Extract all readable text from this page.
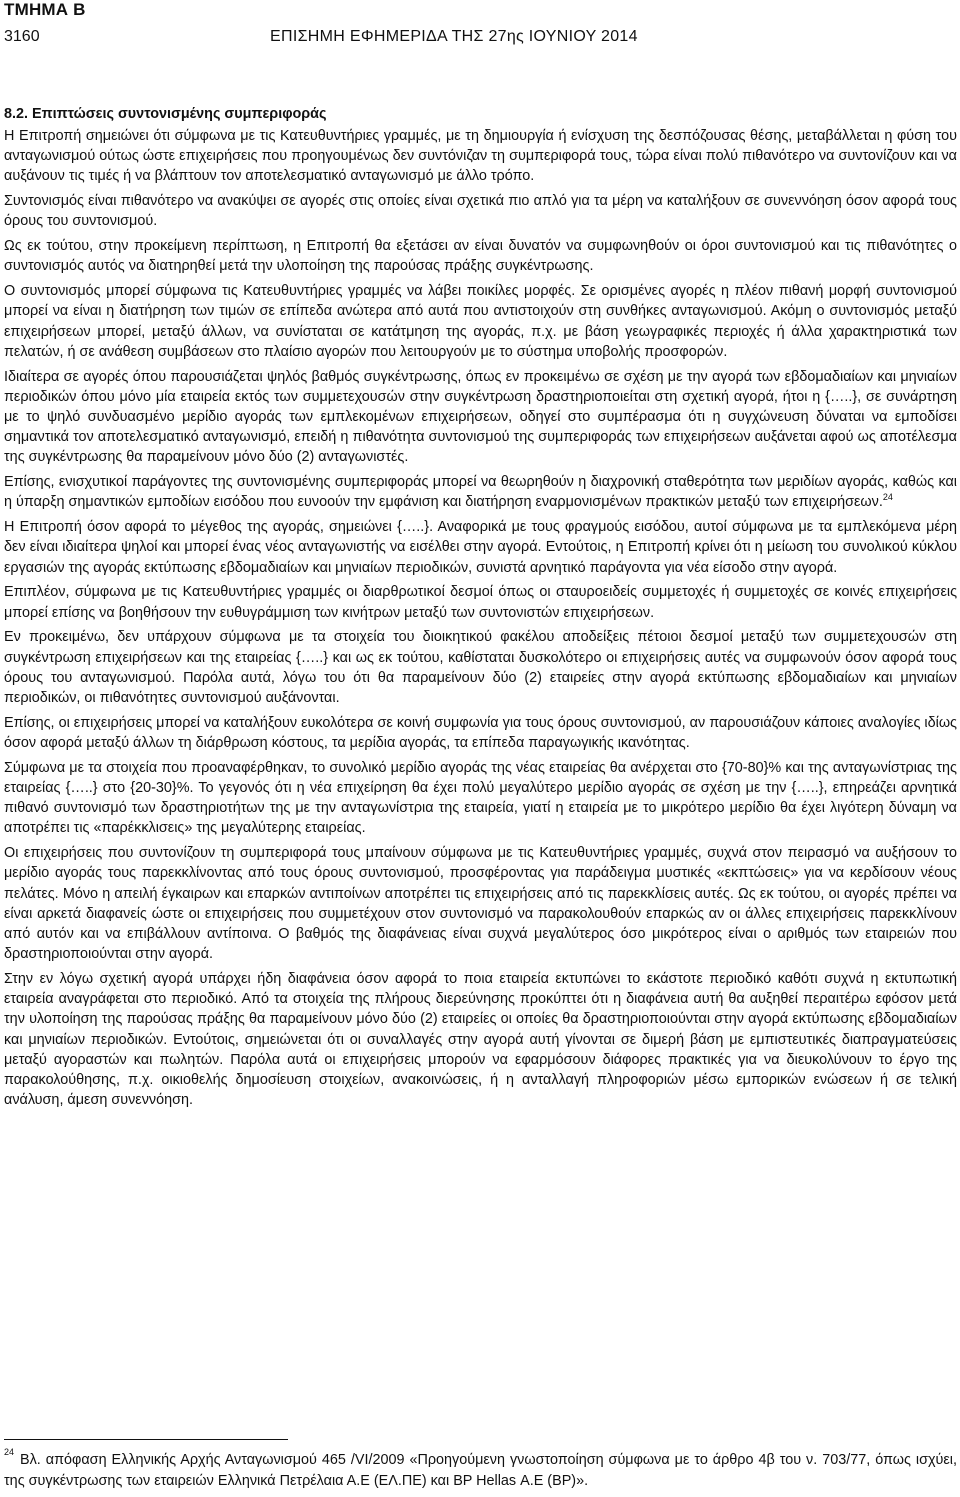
ΤΜΗΜΑ Β
3160	ΕΠΙΣΗΜΗ ΕΦΗΜΕΡΙΔΑ ΤΗΣ 27ης ΙΟΥΝΙΟΥ 2014
8.2. Επιπτώσεις συντονισμένης συμπεριφοράς

Η Επιτροπή σημειώνει ότι σύμφωνα με τις Κατευθυντήριες γραμμές, με τη δημιουργία ή ενίσχυση της δεσπόζουσας θέσης, μεταβάλλεται η φύση του ανταγωνισμού ούτως ώστε επιχειρήσεις που προηγουμένως δεν συντόνιζαν τη συμπεριφορά τους, τώρα είναι πολύ πιθανότερο να συντονίζουν και να αυξάνουν τις τιμές ή να βλάπτουν τον αποτελεσματικό ανταγωνισμό με άλλο τρόπο.

Συντονισμός είναι πιθανότερο να ανακύψει σε αγορές στις οποίες είναι σχετικά πιο απλό για τα μέρη να καταλήξουν σε συνεννόηση όσον αφορά τους όρους του συντονισμού.

Ως εκ τούτου, στην προκείμενη περίπτωση, η Επιτροπή θα εξετάσει αν είναι δυνατόν να συμφωνηθούν οι όροι συντονισμού και τις πιθανότητες ο συντονισμός αυτός να διατηρηθεί μετά την υλοποίηση της παρούσας πράξης συγκέντρωσης.

Ο συντονισμός μπορεί σύμφωνα τις Κατευθυντήριες γραμμές να λάβει ποικίλες μορφές. Σε ορισμένες αγορές η πλέον πιθανή μορφή συντονισμού μπορεί να είναι η διατήρηση των τιμών σε επίπεδα ανώτερα από αυτά που αντιστοιχούν στη συνθήκες ανταγωνισμού. Ακόμη ο συντονισμός μεταξύ επιχειρήσεων μπορεί, μεταξύ άλλων, να συνίσταται σε κατάτμηση της αγοράς, π.χ. με βάση γεωγραφικές περιοχές ή άλλα χαρακτηριστικά των πελατών, ή σε ανάθεση συμβάσεων στο πλαίσιο αγορών που λειτουργούν με το σύστημα υποβολής προσφορών.

Ιδιαίτερα σε αγορές όπου παρουσιάζεται ψηλός βαθμός συγκέντρωσης, όπως εν προκειμένω σε σχέση με την αγορά των εβδομαδιαίων και μηνιαίων περιοδικών όπου μόνο μία εταιρεία εκτός των συμμετεχουσών στην συγκέντρωση δραστηριοποιείται στη σχετική αγορά, ήτοι η {…..}, σε συνάρτηση με το ψηλό συνδυασμένο μερίδιο αγοράς των εμπλεκομένων επιχειρήσεων, οδηγεί στο συμπέρασμα ότι η συγχώνευση δύναται να εμποδίσει σημαντικά τον αποτελεσματικό ανταγωνισμό, επειδή η πιθανότητα συντονισμού της συμπεριφοράς των επιχειρήσεων αυξάνεται αφού ως αποτέλεσμα της συγκέντρωσης θα παραμείνουν μόνο δύο (2) ανταγωνιστές.

Επίσης, ενισχυτικοί παράγοντες της συντονισμένης συμπεριφοράς μπορεί να θεωρηθούν η διαχρονική σταθερότητα των μεριδίων αγοράς, καθώς και η ύπαρξη σημαντικών εμποδίων εισόδου που ευνοούν την εμφάνιση και διατήρηση εναρμονισμένων πρακτικών μεταξύ των επιχειρήσεων.$^{24}$

Η Επιτροπή όσον αφορά το μέγεθος της αγοράς, σημειώνει {…..}. Αναφορικά με τους φραγμούς εισόδου, αυτοί σύμφωνα με τα εμπλεκόμενα μέρη δεν είναι ιδιαίτερα ψηλοί και μπορεί ένας νέος ανταγωνιστής να εισέλθει στην αγορά. Εντούτοις, η Επιτροπή κρίνει ότι η μείωση του συνολικού κύκλου εργασιών της αγοράς εκτύπωσης εβδομαδιαίων και μηνιαίων περιοδικών, συνιστά αρνητικό παράγοντα για νέα είσοδο στην αγορά.

Επιπλέον, σύμφωνα με τις Κατευθυντήριες γραμμές οι διαρθρωτικοί δεσμοί όπως οι σταυροειδείς συμμετοχές ή συμμετοχές σε κοινές επιχειρήσεις μπορεί επίσης να βοηθήσουν την ευθυγράμμιση των κινήτρων μεταξύ των συντονιστών επιχειρήσεων.

Εν προκειμένω, δεν υπάρχουν σύμφωνα με τα στοιχεία του διοικητικού φακέλου αποδείξεις πέτοιοι δεσμοί μεταξύ των συμμετεχουσών στη συγκέντρωση επιχειρήσεων και της εταιρείας {…..} και ως εκ τούτου, καθίσταται δυσκολότερο οι επιχειρήσεις αυτές να συμφωνούν όσον αφορά τους όρους του ανταγωνισμού. Παρόλα αυτά, λόγω του ότι θα παραμείνουν δύο (2) εταιρείες στην αγορά εκτύπωσης εβδομαδιαίων και μηνιαίων περιοδικών, οι πιθανότητες συντονισμού αυξάνονται.

Επίσης, οι επιχειρήσεις μπορεί να καταλήξουν ευκολότερα σε κοινή συμφωνία για τους όρους συντονισμού, αν παρουσιάζουν κάποιες αναλογίες ιδίως όσον αφορά μεταξύ άλλων τη διάρθρωση κόστους, τα μερίδια αγοράς, τα επίπεδα παραγωγικής ικανότητας.

Σύμφωνα με τα στοιχεία που προαναφέρθηκαν, το συνολικό μερίδιο αγοράς της νέας εταιρείας θα ανέρχεται στο {70-80}% και της ανταγωνίστριας της εταιρείας {…..} στο {20-30}%. Το γεγονός ότι η νέα επιχείρηση θα έχει πολύ μεγαλύτερο μερίδιο αγοράς σε σχέση με την {…..}, επηρεάζει αρνητικά πιθανό συντονισμό των δραστηριοτήτων της με την ανταγωνίστρια της εταιρεία, γιατί η εταιρεία με το μικρότερο μερίδιο θα έχει λιγότερη δύναμη να αποτρέπει τις «παρέκκλισεις» της μεγαλύτερης εταιρείας.

Οι επιχειρήσεις που συντονίζουν τη συμπεριφορά τους μπαίνουν σύμφωνα με τις Κατευθυντήριες γραμμές, συχνά στον πειρασμό να αυξήσουν το μερίδιο αγοράς τους παρεκκλίνοντας από τους όρους συντονισμού, προσφέροντας για παράδειγμα μυστικές «εκπτώσεις» για να κερδίσουν νέους πελάτες. Μόνο η απειλή έγκαιρων και επαρκών αντιποίνων αποτρέπει τις επιχειρήσεις από τις παρεκκλίσεις αυτές. Ως εκ τούτου, οι αγορές πρέπει να είναι αρκετά διαφανείς ώστε οι επιχειρήσεις που συμμετέχουν στον συντονισμό να παρακολουθούν επαρκώς αν οι άλλες επιχειρήσεις παρεκκλίνουν από αυτόν και να επιβάλλουν αντίποινα. Ο βαθμός της διαφάνειας είναι συχνά μεγαλύτερος όσο μικρότερος είναι ο αριθμός των εταιρειών που δραστηριοποιούνται στην αγορά.

Στην εν λόγω σχετική αγορά υπάρχει ήδη διαφάνεια όσον αφορά το ποια εταιρεία εκτυπώνει το εκάστοτε περιοδικό καθότι συχνά η εκτυπωτική εταιρεία αναγράφεται στο περιοδικό. Από τα στοιχεία της πλήρους διερεύνησης προκύπτει ότι η διαφάνεια αυτή θα αυξηθεί περαιτέρω εφόσον μετά την υλοποίηση της παρούσας πράξης θα παραμείνουν μόνο δύο (2) εταιρείες οι οποίες θα δραστηριοποιούνται στην αγορά εκτύπωσης εβδομαδιαίων και μηνιαίων περιοδικών. Εντούτοις, σημειώνεται ότι οι συναλλαγές στην αγορά αυτή γίνονται σε διμερή βάση με εμπιστευτικές διαπραγματεύσεις μεταξύ αγοραστών και πωλητών. Παρόλα αυτά οι επιχειρήσεις μπορούν να εφαρμόσουν διάφορες πρακτικές για να διευκολύνουν το έργο της παρακολούθησης, π.χ. οικιοθελής δημοσίευση στοιχείων, ανακοινώσεις, ή η ανταλλαγή πληροφοριών μέσω εμπορικών ενώσεων ή σε τελική ανάλυση, άμεση συνεννόηση.

$^{24}$ Βλ. απόφαση Ελληνικής Αρχής Ανταγωνισμού 465 /VI/2009 «Προηγούμενη γνωστοποίηση σύμφωνα με το άρθρο 4β του ν. 703/77, όπως ισχύει, της συγκέντρωσης των εταιρειών Ελληνικά Πετρέλαια Α.Ε (ΕΛ.ΠΕ) και BP Hellas Α.Ε (BP)».
